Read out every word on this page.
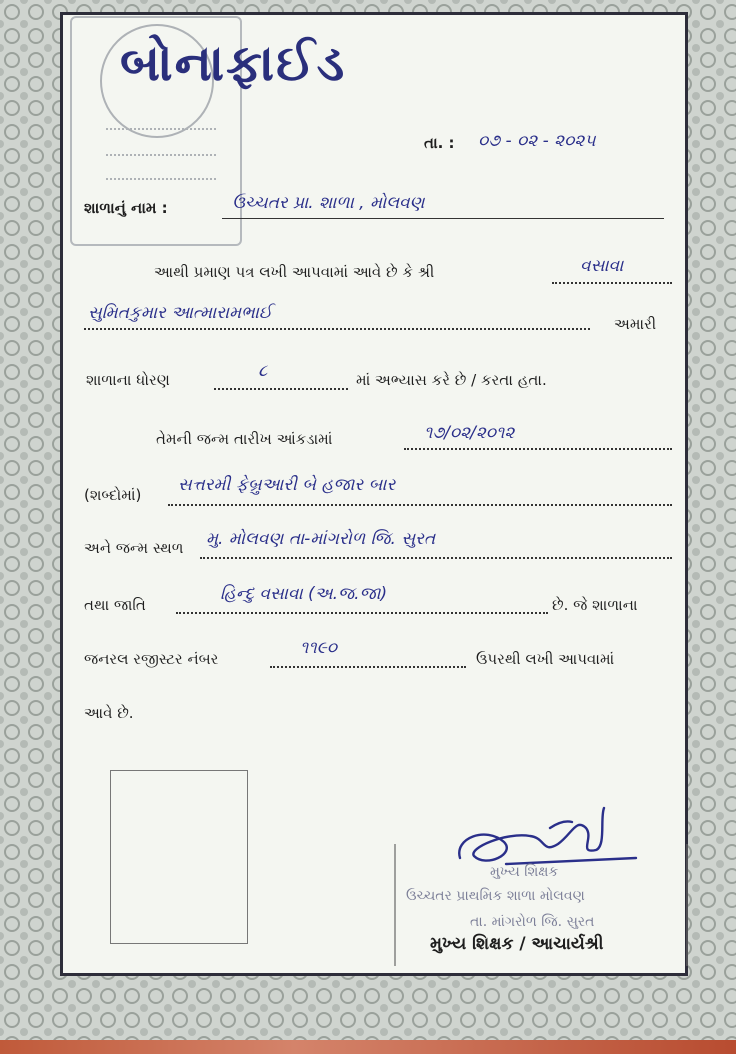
બોનાફાઈડ
તા. : ૦૭ - ૦૨ - ૨૦૨૫
શાળાનું નામ :	ઉચ્ચતર પ્રા. શાળા , મોલવણ
આથી પ્રમાણ પત્ર લખી આપવામાં આવે છે કે શ્રી	વસાવા
સુમિતકુમાર આત્મારામભાઈ
અમારી
શાળાના ધોરણ	૮	માં અભ્યાસ કરે છે / કરતા હતા.
તેમની જન્મ તારીખ આંકડામાં	૧૭/૦૨/૨૦૧૨
(શબ્દોમાં) સત્તરમી ફેબ્રુઆરી બે હજાર બાર
અને જન્મ સ્થળ મુ. મોલવણ તા-માંગરોળ જિ. સુરત
તથા જાતિ
હિન્દુ વસાવા (અ.જ.જા)
છે. જે શાળાના
જનરલ રજીસ્ટર નંબર
૧૧૯૦
ઉપરથી લખી આપવામાં
આવે છે.
મુખ્ય શિક્ષક
ઉચ્ચતર પ્રાથમિક શાળા મોલવણ
તા. માંગરોળ જિ. સુરત
મુખ્ય શિક્ષક / આચાર્યશ્રી
